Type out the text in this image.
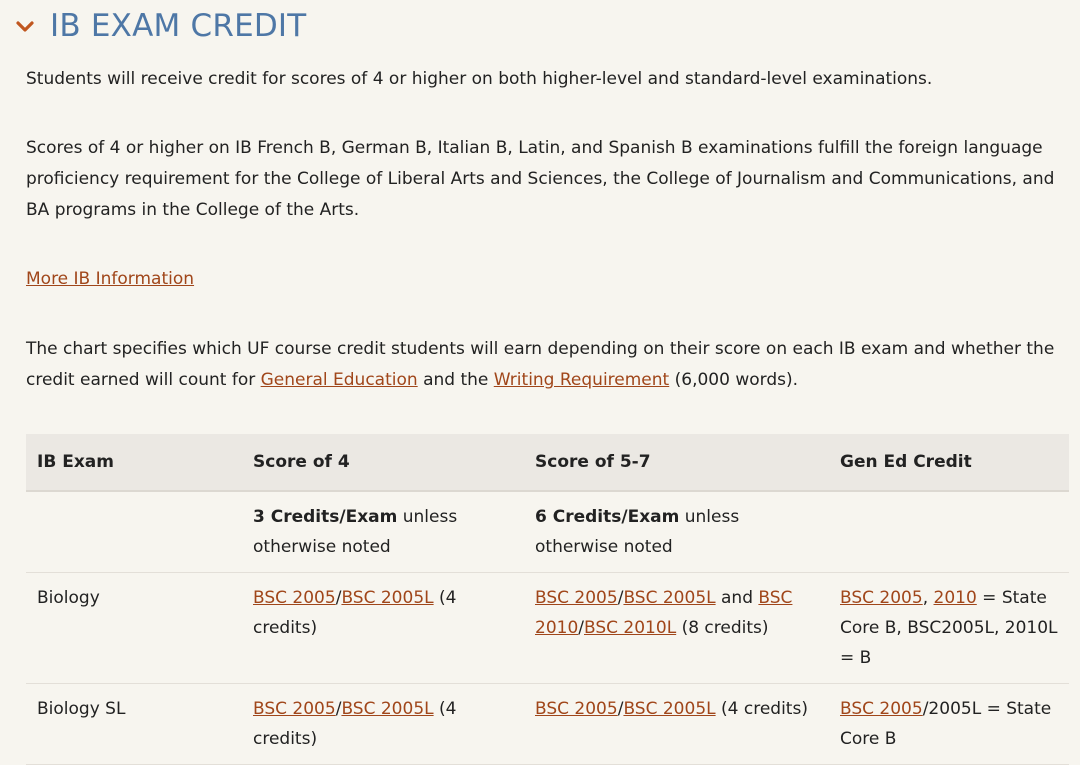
IB EXAM CREDIT
Students will receive credit for scores of 4 or higher on both higher-level and standard-level examinations.
Scores of 4 or higher on IB French B, German B, Italian B, Latin, and Spanish B examinations fulfill the foreign language proficiency requirement for the College of Liberal Arts and Sciences, the College of Journalism and Communications, and BA programs in the College of the Arts.
More IB Information
The chart specifies which UF course credit students will earn depending on their score on each IB exam and whether the credit earned will count for General Education and the Writing Requirement (6,000 words).
IB Exam	Score of 4	Score of 5-7	Gen Ed Credit
	3 Credits/Exam unless otherwise noted	6 Credits/Exam unless otherwise noted	
Biology	BSC 2005/BSC 2005L (4 credits)	BSC 2005/BSC 2005L and BSC 2010/BSC 2010L (8 credits)	BSC 2005, 2010 = State Core B, BSC2005L, 2010L = B
Biology SL	BSC 2005/BSC 2005L (4 credits)	BSC 2005/BSC 2005L (4 credits)	BSC 2005/2005L = State Core B
